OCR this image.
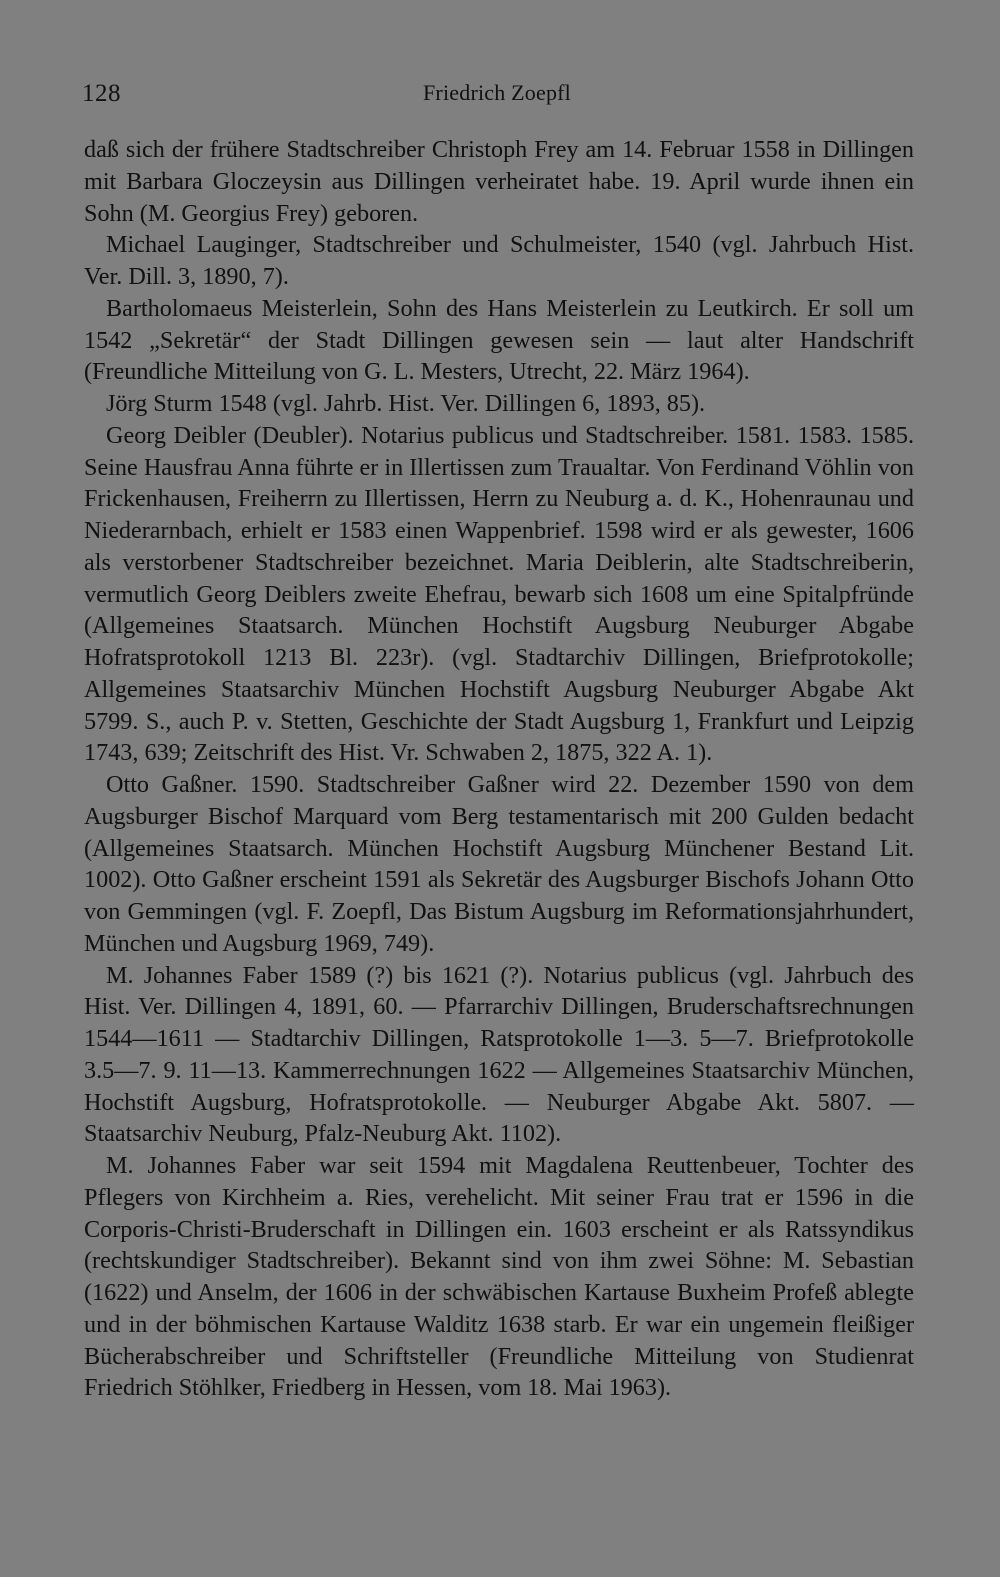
128	Friedrich Zoepfl

daß sich der frühere Stadtschreiber Christoph Frey am 14. Februar 1558 in Dillingen mit Barbara Gloczeysin aus Dillingen verheiratet habe. 19. April wurde ihnen ein Sohn (M. Georgius Frey) geboren.

Michael Lauginger, Stadtschreiber und Schulmeister, 1540 (vgl. Jahrbuch Hist. Ver. Dill. 3, 1890, 7).

Bartholomaeus Meisterlein, Sohn des Hans Meisterlein zu Leutkirch. Er soll um 1542 „Sekretär“ der Stadt Dillingen gewesen sein — laut alter Handschrift (Freundliche Mitteilung von G. L. Mesters, Utrecht, 22. März 1964).

Jörg Sturm 1548 (vgl. Jahrb. Hist. Ver. Dillingen 6, 1893, 85).

Georg Deibler (Deubler). Notarius publicus und Stadtschreiber. 1581. 1583. 1585. Seine Hausfrau Anna führte er in Illertissen zum Traualtar. Von Ferdinand Vöhlin von Frickenhausen, Freiherrn zu Illertissen, Herrn zu Neuburg a. d. K., Hohenraunau und Niederarnbach, erhielt er 1583 einen Wappenbrief. 1598 wird er als gewester, 1606 als verstorbener Stadtschreiber bezeichnet. Maria Deiblerin, alte Stadtschreiberin, vermutlich Georg Deiblers zweite Ehefrau, bewarb sich 1608 um eine Spitalpfründe (Allgemeines Staatsarch. München Hochstift Augsburg Neuburger Abgabe Hofratsprotokoll 1213 Bl. 223r). (vgl. Stadtarchiv Dillingen, Briefprotokolle; Allgemeines Staatsarchiv München Hochstift Augsburg Neuburger Abgabe Akt 5799. S., auch P. v. Stetten, Geschichte der Stadt Augsburg 1, Frankfurt und Leipzig 1743, 639; Zeitschrift des Hist. Vr. Schwaben 2, 1875, 322 A. 1).

Otto Gaßner. 1590. Stadtschreiber Gaßner wird 22. Dezember 1590 von dem Augsburger Bischof Marquard vom Berg testamentarisch mit 200 Gulden bedacht (Allgemeines Staatsarch. München Hochstift Augsburg Münchener Bestand Lit. 1002). Otto Gaßner erscheint 1591 als Sekretär des Augsburger Bischofs Johann Otto von Gemmingen (vgl. F. Zoepfl, Das Bistum Augsburg im Reformationsjahrhundert, München und Augsburg 1969, 749).

M. Johannes Faber 1589 (?) bis 1621 (?). Notarius publicus (vgl. Jahrbuch des Hist. Ver. Dillingen 4, 1891, 60. — Pfarrarchiv Dillingen, Bruderschaftsrechnungen 1544—1611 — Stadtarchiv Dillingen, Ratsprotokolle 1—3. 5—7. Briefprotokolle 3.5—7. 9. 11—13. Kammerrechnungen 1622 — Allgemeines Staatsarchiv München, Hochstift Augsburg, Hofratsprotokolle. — Neuburger Abgabe Akt. 5807. — Staatsarchiv Neuburg, Pfalz-Neuburg Akt. 1102).

M. Johannes Faber war seit 1594 mit Magdalena Reuttenbeuer, Tochter des Pflegers von Kirchheim a. Ries, verehelicht. Mit seiner Frau trat er 1596 in die Corporis-Christi-Bruderschaft in Dillingen ein. 1603 erscheint er als Ratssyndikus (rechtskundiger Stadtschreiber). Bekannt sind von ihm zwei Söhne: M. Sebastian (1622) und Anselm, der 1606 in der schwäbischen Kartause Buxheim Profeß ablegte und in der böhmischen Kartause Walditz 1638 starb. Er war ein ungemein fleißiger Bücherabschreiber und Schriftsteller (Freundliche Mitteilung von Studienrat Friedrich Stöhlker, Friedberg in Hessen, vom 18. Mai 1963).
